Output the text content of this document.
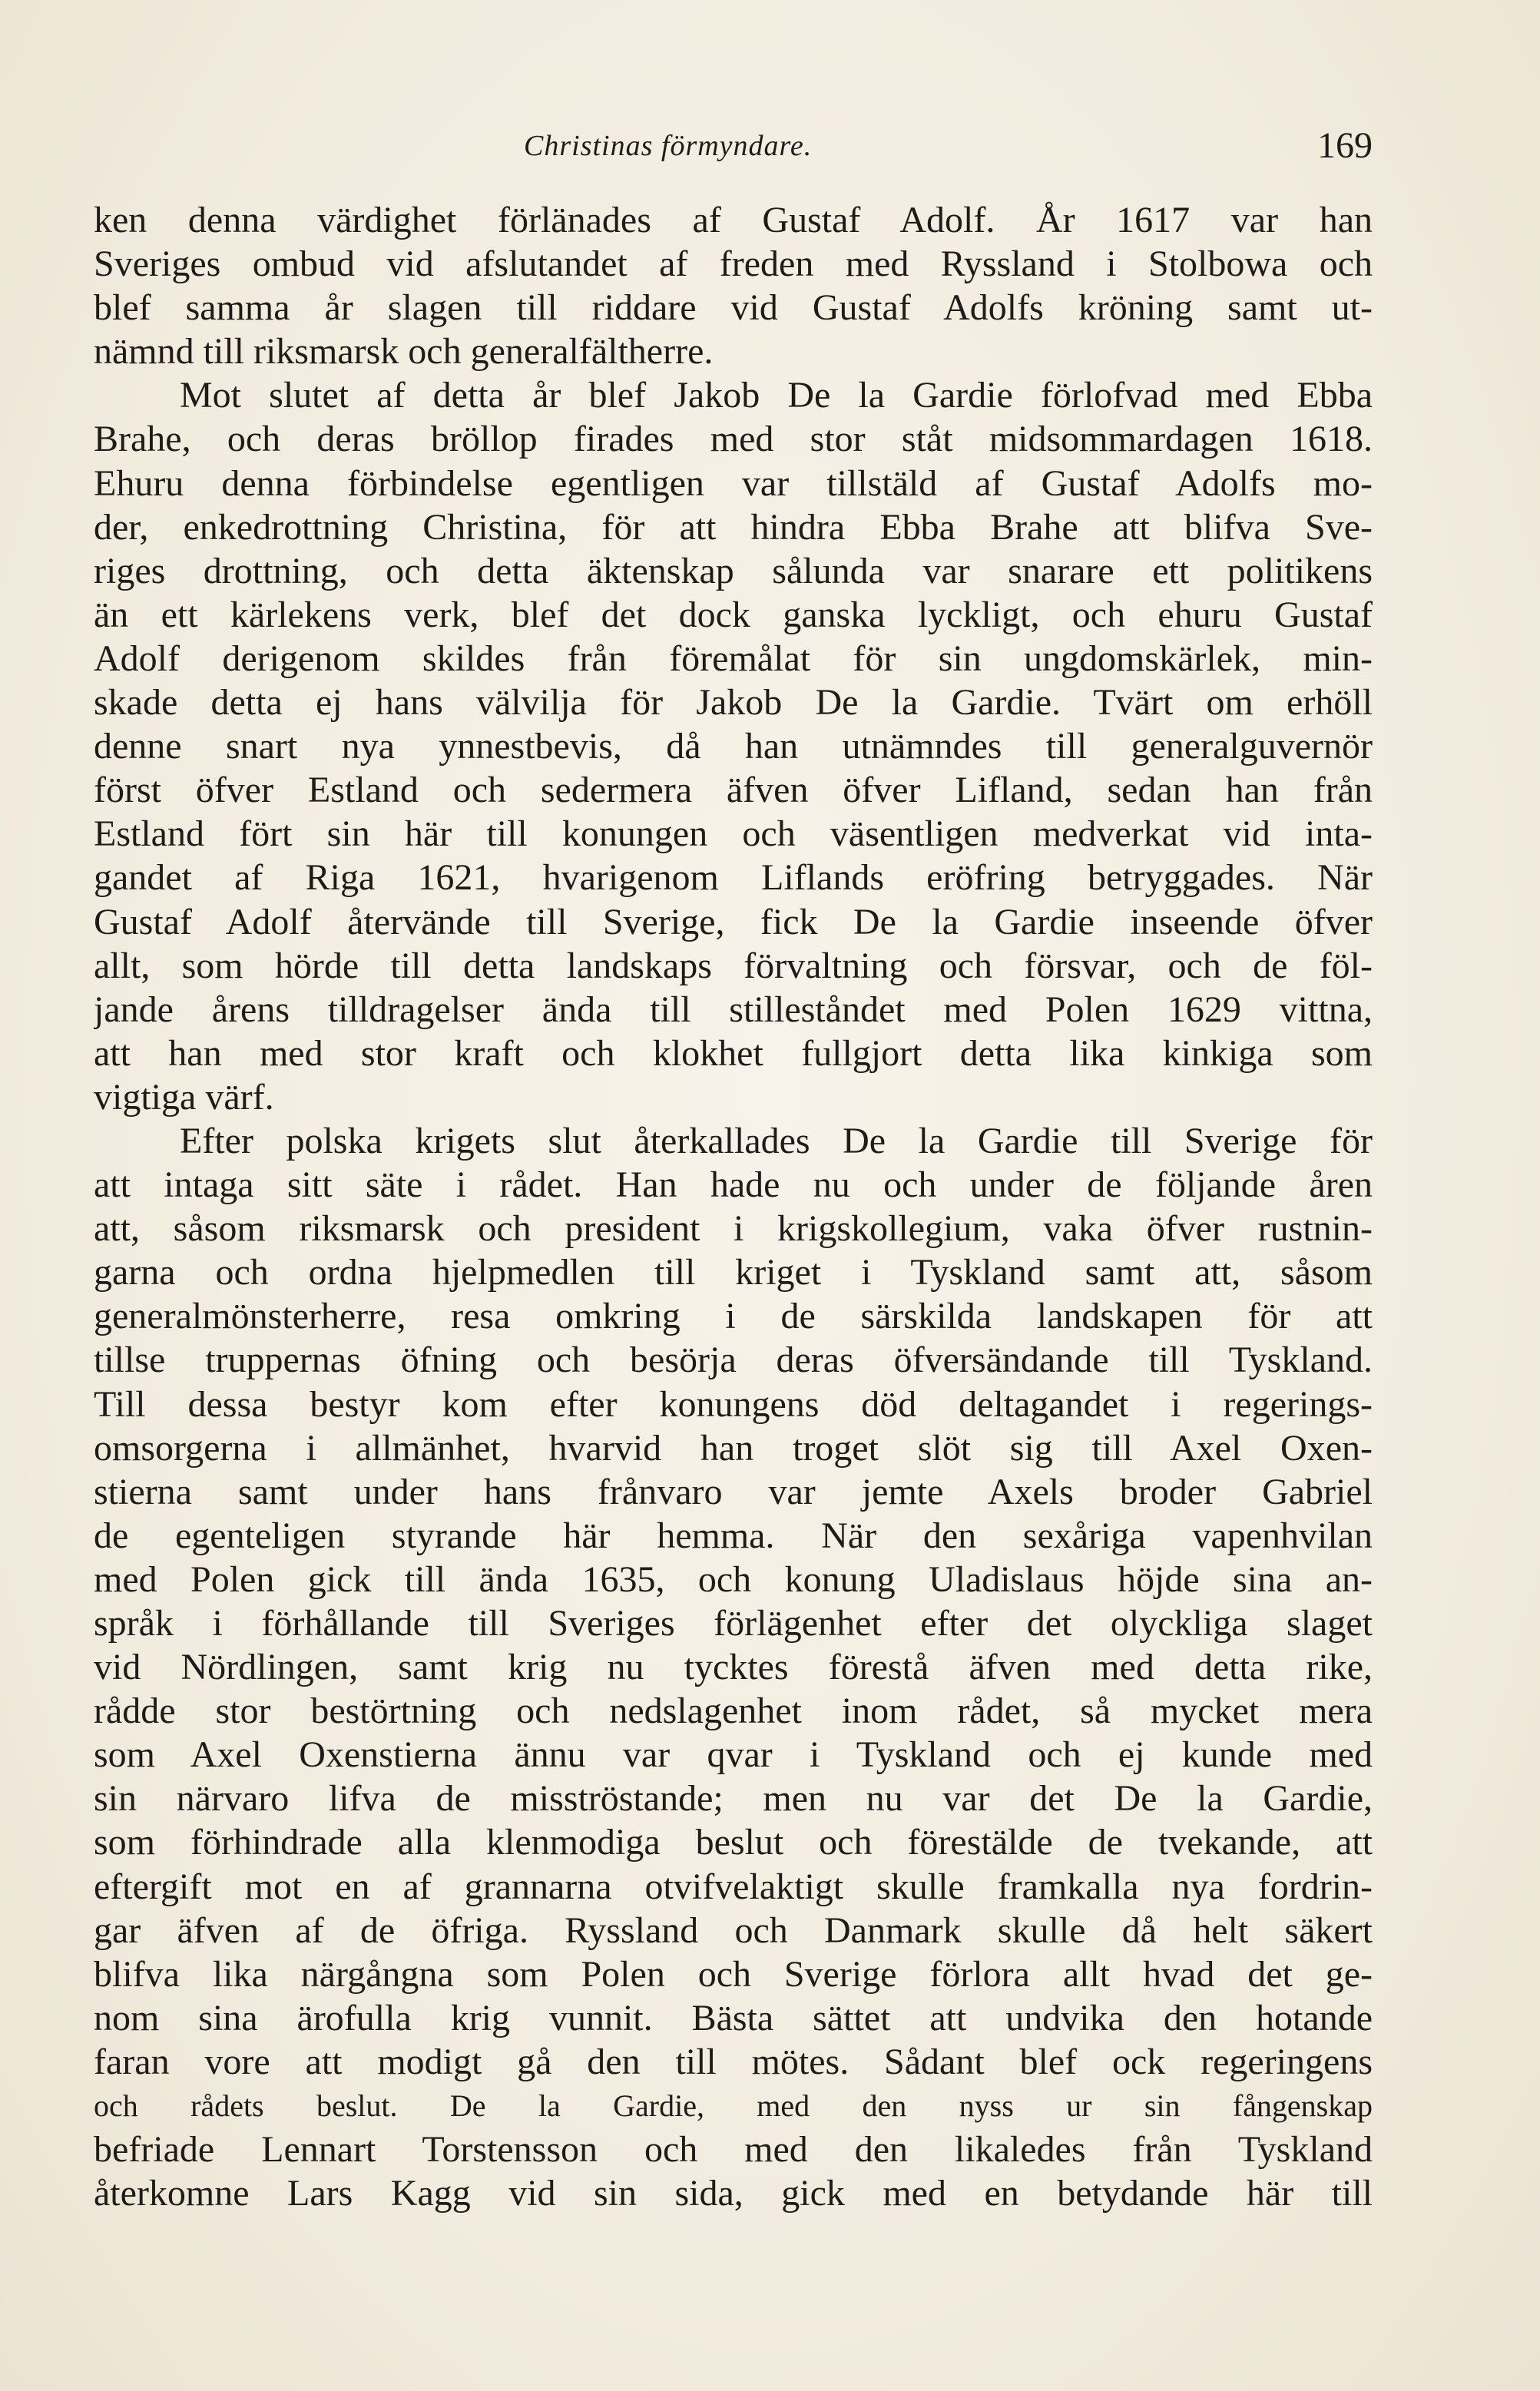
Christinas förmyndare.	169
ken denna värdighet förlänades af Gustaf Adolf. År 1617 var han
Sveriges ombud vid afslutandet af freden med Ryssland i Stolbowa och
blef samma år slagen till riddare vid Gustaf Adolfs kröning samt ut-
nämnd till riksmarsk och generalfältherre.
Mot slutet af detta år blef Jakob De la Gardie förlofvad med Ebba
Brahe, och deras bröllop firades med stor ståt midsommardagen 1618.
Ehuru denna förbindelse egentligen var tillstäld af Gustaf Adolfs mo-
der, enkedrottning Christina, för att hindra Ebba Brahe att blifva Sve-
riges drottning, och detta äktenskap sålunda var snarare ett politikens
än ett kärlekens verk, blef det dock ganska lyckligt, och ehuru Gustaf
Adolf derigenom skildes från föremålat för sin ungdomskärlek, min-
skade detta ej hans välvilja för Jakob De la Gardie. Tvärt om erhöll
denne snart nya ynnestbevis, då han utnämndes till generalguvernör
först öfver Estland och sedermera äfven öfver Lifland, sedan han från
Estland fört sin här till konungen och väsentligen medverkat vid inta-
gandet af Riga 1621, hvarigenom Liflands eröfring betryggades. När
Gustaf Adolf återvände till Sverige, fick De la Gardie inseende öfver
allt, som hörde till detta landskaps förvaltning och försvar, och de föl-
jande årens tilldragelser ända till stilleståndet med Polen 1629 vittna,
att han med stor kraft och klokhet fullgjort detta lika kinkiga som
vigtiga värf.
Efter polska krigets slut återkallades De la Gardie till Sverige för
att intaga sitt säte i rådet. Han hade nu och under de följande åren
att, såsom riksmarsk och president i krigskollegium, vaka öfver rustnin-
garna och ordna hjelpmedlen till kriget i Tyskland samt att, såsom
generalmönsterherre, resa omkring i de särskilda landskapen för att
tillse truppernas öfning och besörja deras öfversändande till Tyskland.
Till dessa bestyr kom efter konungens död deltagandet i regerings-
omsorgerna i allmänhet, hvarvid han troget slöt sig till Axel Oxen-
stierna samt under hans frånvaro var jemte Axels broder Gabriel
de egenteligen styrande här hemma. När den sexåriga vapenhvilan
med Polen gick till ända 1635, och konung Uladislaus höjde sina an-
språk i förhållande till Sveriges förlägenhet efter det olyckliga slaget
vid Nördlingen, samt krig nu tycktes förestå äfven med detta rike,
rådde stor bestörtning och nedslagenhet inom rådet, så mycket mera
som Axel Oxenstierna ännu var qvar i Tyskland och ej kunde med
sin närvaro lifva de misströstande; men nu var det De la Gardie,
som förhindrade alla klenmodiga beslut och förestälde de tvekande, att
eftergift mot en af grannarna otvifvelaktigt skulle framkalla nya fordrin-
gar äfven af de öfriga. Ryssland och Danmark skulle då helt säkert
blifva lika närgångna som Polen och Sverige förlora allt hvad det ge-
nom sina ärofulla krig vunnit. Bästa sättet att undvika den hotande
faran vore att modigt gå den till mötes. Sådant blef ock regeringens
och rådets beslut. De la Gardie, med den nyss ur sin fångenskap
befriade Lennart Torstensson och med den likaledes från Tyskland
återkomne Lars Kagg vid sin sida, gick med en betydande här till
